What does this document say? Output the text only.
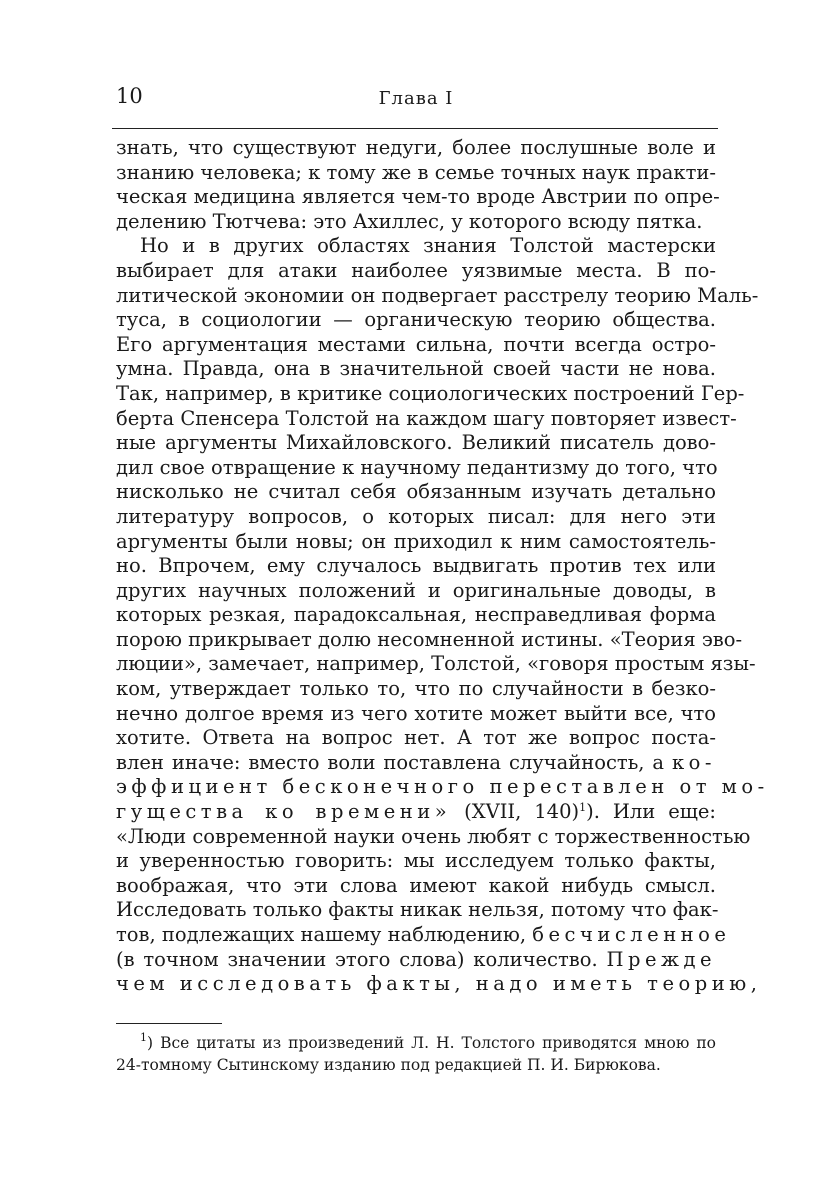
10	Глава I
знать, что существуют недуги, более послушные воле и
знанию человека; к тому же в семье точных наук практи-
ческая медицина является чем-то вроде Австрии по опре-
делению Тютчева: это Ахиллес, у которого всюду пятка.
Но и в других областях знания Толстой мастерски
выбирает для атаки наиболее уязвимые места. В по-
литической экономии он подвергает расстрелу теорию Маль-
туса, в социологии — органическую теорию общества.
Его аргументация местами сильна, почти всегда остро-
умна. Правда, она в значительной своей части не нова.
Так, например, в критике социологических построений Гер-
берта Спенсера Толстой на каждом шагу повторяет извест-
ные аргументы Михайловского. Великий писатель дово-
дил свое отвращение к научному педантизму до того, что
нисколько не считал себя обязанным изучать детально
литературу вопросов, о которых писал: для него эти
аргументы были новы; он приходил к ним самостоятель-
но. Впрочем, ему случалось выдвигать против тех или
других научных положений и оригинальные доводы, в
которых резкая, парадоксальная, несправедливая форма
порою прикрывает долю несомненной истины. «Теория эво-
люции», замечает, например, Толстой, «говоря простым язы-
ком, утверждает только то, что по случайности в безко-
нечно долгое время из чего хотите может выйти все, что
хотите. Ответа на вопрос нет. А тот же вопрос поста-
влен иначе: вместо воли поставлена случайность, а ко-
эффициент бесконечного переставлен от мо-
гущества ко времени» (XVII, 140)$^1$). Или еще:
«Люди современной науки очень любят с торжественностью
и уверенностью говорить: мы исследуем только факты,
воображая, что эти слова имеют какой нибудь смысл.
Исследовать только факты никак нельзя, потому что фак-
тов, подлежащих нашему наблюдению, бесчисленное
(в точном значении этого слова) количество. Прежде
чем исследовать факты, надо иметь теорию,
$^1$) Все цитаты из произведений Л. Н. Толстого приводятся мною по
24-томному Сытинскому изданию под редакцией П. И. Бирюкова.
